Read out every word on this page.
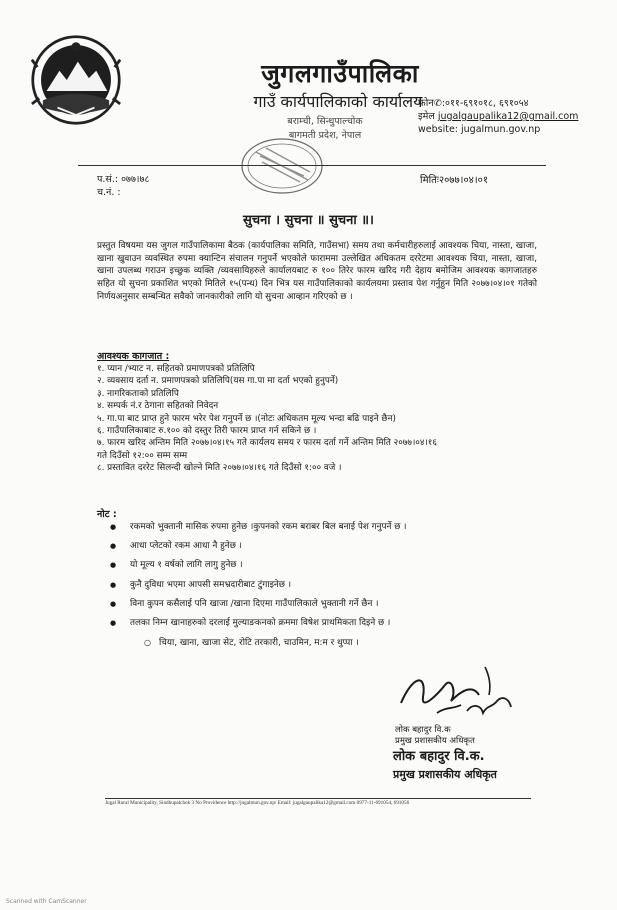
जुगलगाउँपालिका
गाउँ कार्यपालिकाको कार्यालय
बराम्ची, सिन्धुपाल्चोक
बागमती प्रदेश, नेपाल
फोन✆:०११-६९१०१८, ६९१०५४
इमेल jugalgaupalika12@gmail.com
website: jugalmun.gov.np
प.सं.: ०७७।७८
च.नं. :
मितिः२०७७।०४।०१
सुचना । सुचना ॥ सुचना ॥।
प्रस्तुत विषयमा यस जुगल गाउँपालिकामा बैठक (कार्यपालिका समिति, गाउँसभा) समय तथा कर्मचारीहरुलाई आवश्यक चिया, नास्ता, खाजा, खाना खुवाउन व्यवस्थित रुपमा क्यान्टिन संचालन गनुपर्ने भएकोले फाराममा उल्लेखित अधिकतम दररेटमा आवश्यक चिया, नास्ता, खाजा, खाना उपलब्ध गराउन इच्छुक व्यक्ति /व्यवसायिहरुले कार्यालयबाट रु १०० तिरेर फारम खरिद गरी देहाय बमोजिम आवश्यक कागजातहरु सहित यो सुचना प्रकाशित भएको मितिले १५(पन्ध) दिन भित्र यस गाउँपालिकाको कार्यलयमा प्रस्ताव पेश गर्नुहुन मिति २०७७।०४।०१ गतेको निर्णयअनुसार सम्बन्धित सवैको जानकारीको लागि यो सुचना आव्हान गरिएको छ ।
आवश्यक कागजात :
१. प्यान /भ्याट न. सहितको प्रमाणपत्रको प्रतिलिपि
२. व्यवसाय दर्ता न. प्रमाणपत्रको प्रतिलिपि(यस गा.पा मा दर्ता भएको हुनुपर्ने)
३. नागरिकताको प्रतिलिपि
४. सम्पर्क नं.र ठेगाना सहितको निवेदन
५. गा.पा बाट प्राप्त हुने फारम भरेर पेश गनुपर्ने छ ।(नोटः अधिकतम मूल्य भन्दा बढि पाइने छैन)
६. गाउँपालिकाबाट रु.१०० को दस्तुर तिरी फारम प्राप्त गर्न सकिने छ ।
७. फारम खरिद अन्तिम मिति २०७७।०४।१५ गते कार्यलय समय र फारम दर्ता गर्ने अन्तिम मिति २०७७।०४।१६
गते दिउँसो १२:०० सम्म सम्म
८. प्रस्तावित दररेट सिलन्दी खोल्ने मिति २०७७।०४।१६ गते दिउँसो १:०० वजे ।
नोट :
● रकमको भुक्तानी मासिक रुपमा हुनेछ ।कुपनको रकम बराबर बिल बनाई पेश गनुपर्ने छ ।
● आधा प्लेटको रकम आधा नै हुनेछ ।
● यो मूल्य १ वर्षको लागि लागु हुनेछ ।
● कुनै दुविधा भएमा आपसी समभ्रदारीबाट टुंगाइनेछ ।
● विना कुपन कसैलाई पनि खाजा /खाना दिएमा गाउँपालिकाले भुक्तानी गर्ने छैन ।
● तलका निम्न खानाहरुको दरलाई मुल्याङकनको क्रममा विषेश प्राथमिकता दिइने छ ।
○ चिया, खाना, खाजा सेट, रोटि तरकारी, चाउमिन, म:म र थुप्पा ।
लोक बहादुर वि.क
प्रमुख प्रशासकीय अधिकृत
लोक बहादुर वि.क.
प्रमुख प्रशासकीय अधिकृत
Jugal Rural Municipality, Sindhupalchok 3 No Providence http://jugalmun.gov.np/ Email: jugalgaupalika12@gmail.com 0977-11-691054, 691056
Scanned with CamScanner
